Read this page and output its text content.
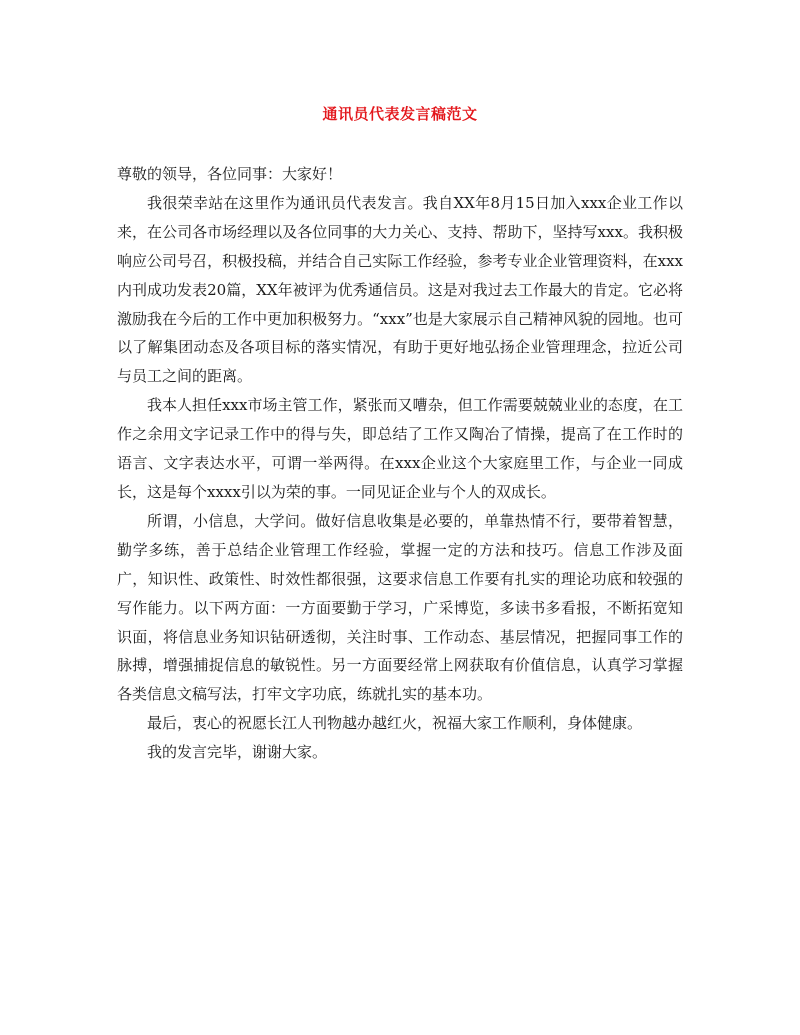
通讯员代表发言稿范文

尊敬的领导，各位同事：大家好！

我很荣幸站在这里作为通讯员代表发言。我自XX年8月15日加入xxx企业工作以来，在公司各市场经理以及各位同事的大力关心、支持、帮助下，坚持写xxx。我积极响应公司号召，积极投稿，并结合自己实际工作经验，参考专业企业管理资料，在xxx内刊成功发表20篇，XX年被评为优秀通信员。这是对我过去工作最大的肯定。它必将激励我在今后的工作中更加积极努力。“xxx”也是大家展示自己精神风貌的园地。也可以了解集团动态及各项目标的落实情况，有助于更好地弘扬企业管理理念，拉近公司与员工之间的距离。

我本人担任xxx市场主管工作，紧张而又嘈杂，但工作需要兢兢业业的态度，在工作之余用文字记录工作中的得与失，即总结了工作又陶冶了情操，提高了在工作时的语言、文字表达水平，可谓一举两得。在xxx企业这个大家庭里工作，与企业一同成长，这是每个xxxx引以为荣的事。一同见证企业与个人的双成长。

所谓，小信息，大学问。做好信息收集是必要的，单靠热情不行，要带着智慧，勤学多练，善于总结企业管理工作经验，掌握一定的方法和技巧。信息工作涉及面广，知识性、政策性、时效性都很强，这要求信息工作要有扎实的理论功底和较强的写作能力。以下两方面：一方面要勤于学习，广采博览，多读书多看报，不断拓宽知识面，将信息业务知识钻研透彻，关注时事、工作动态、基层情况，把握同事工作的脉搏，增强捕捉信息的敏锐性。另一方面要经常上网获取有价值信息，认真学习掌握各类信息文稿写法，打牢文字功底，练就扎实的基本功。

最后，衷心的祝愿长江人刊物越办越红火，祝福大家工作顺利，身体健康。

我的发言完毕，谢谢大家。
